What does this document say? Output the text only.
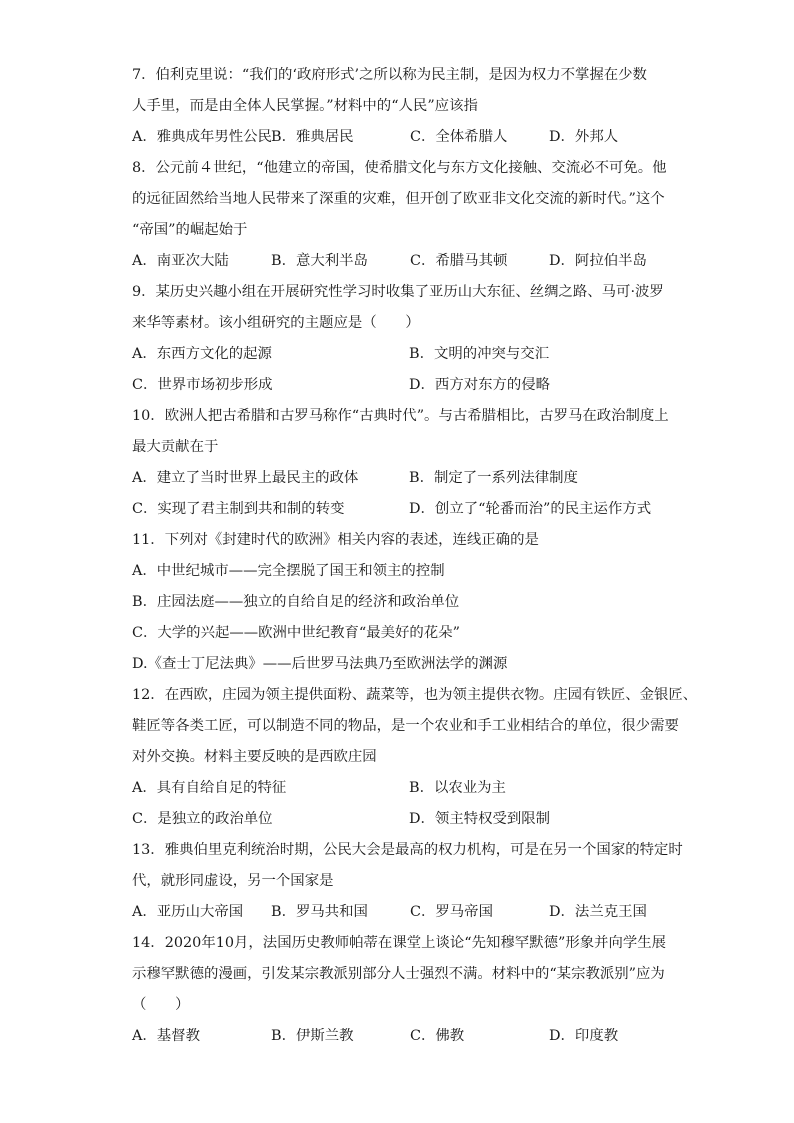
7．伯利克里说：“我们的‘政府形式’之所以称为民主制，是因为权力不掌握在少数
人手里，而是由全体人民掌握。”材料中的“人民”应该指
A．雅典成年男性公民 B．雅典居民	C．全体希腊人	D．外邦人
8．公元前４世纪，“他建立的帝国，使希腊文化与东方文化接触、交流必不可免。他
的远征固然给当地人民带来了深重的灾难，但开创了欧亚非文化交流的新时代。”这个
“帝国”的崛起始于
A．南亚次大陆	B．意大利半岛	C．希腊马其顿	D．阿拉伯半岛
9．某历史兴趣小组在开展研究性学习时收集了亚历山大东征、丝绸之路、马可·波罗
来华等素材。该小组研究的主题应是（　　）
A．东西方文化的起源	B．文明的冲突与交汇
C．世界市场初步形成	D．西方对东方的侵略
10．欧洲人把古希腊和古罗马称作“古典时代”。与古希腊相比，古罗马在政治制度上
最大贡献在于
A．建立了当时世界上最民主的政体	B．制定了一系列法律制度
C．实现了君主制到共和制的转变	D．创立了“轮番而治”的民主运作方式
11．下列对《封建时代的欧洲》相关内容的表述，连线正确的是
A．中世纪城市——完全摆脱了国王和领主的控制
B．庄园法庭——独立的自给自足的经济和政治单位
C．大学的兴起——欧洲中世纪教育“最美好的花朵”
D.《查士丁尼法典》——后世罗马法典乃至欧洲法学的渊源
12．在西欧，庄园为领主提供面粉、蔬菜等，也为领主提供衣物。庄园有铁匠、金银匠、
鞋匠等各类工匠，可以制造不同的物品，是一个农业和手工业相结合的单位，很少需要
对外交换。材料主要反映的是西欧庄园
A．具有自给自足的特征	B．以农业为主
C．是独立的政治单位	D．领主特权受到限制
13．雅典伯里克利统治时期，公民大会是最高的权力机构，可是在另一个国家的特定时
代，就形同虚设，另一个国家是
A．亚历山大帝国	B．罗马共和国	C．罗马帝国	D．法兰克王国
14．2020年10月，法国历史教师帕蒂在课堂上谈论“先知穆罕默德”形象并向学生展
示穆罕默德的漫画，引发某宗教派别部分人士强烈不满。材料中的“某宗教派别”应为
（　　）
A．基督教	B．伊斯兰教	C．佛教	D．印度教
